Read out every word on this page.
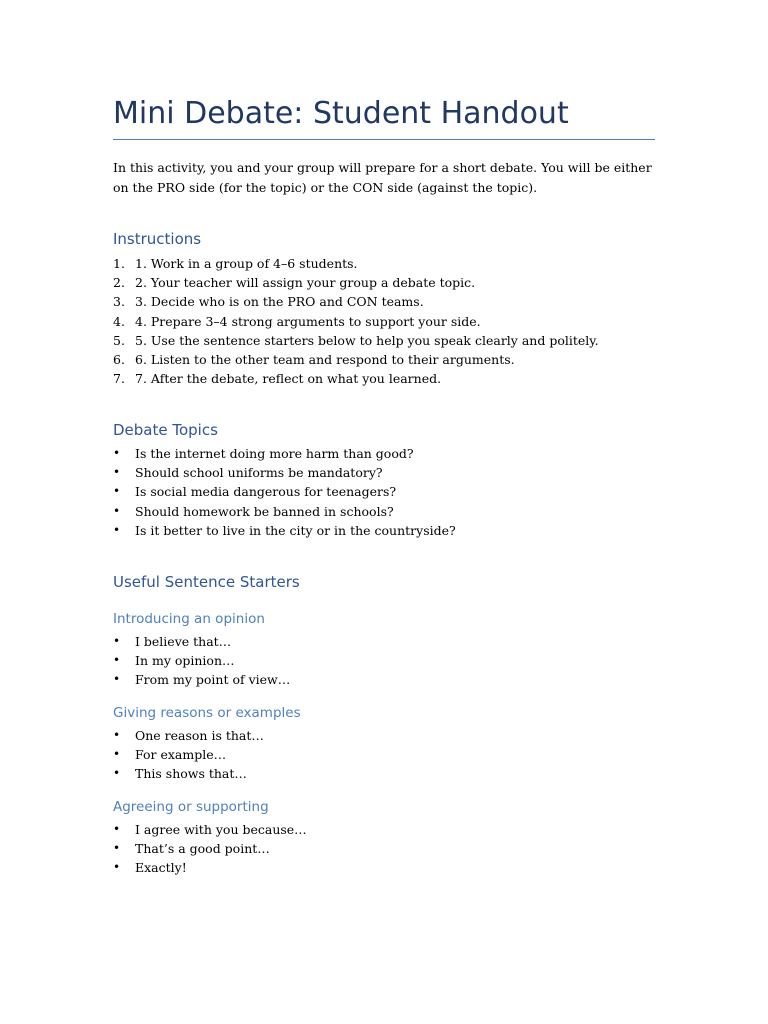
Mini Debate: Student Handout
In this activity, you and your group will prepare for a short debate. You will be either on the PRO side (for the topic) or the CON side (against the topic).
Instructions
1. 1. Work in a group of 4–6 students.
2. 2. Your teacher will assign your group a debate topic.
3. 3. Decide who is on the PRO and CON teams.
4. 4. Prepare 3–4 strong arguments to support your side.
5. 5. Use the sentence starters below to help you speak clearly and politely.
6. 6. Listen to the other team and respond to their arguments.
7. 7. After the debate, reflect on what you learned.
Debate Topics
• Is the internet doing more harm than good?
• Should school uniforms be mandatory?
• Is social media dangerous for teenagers?
• Should homework be banned in schools?
• Is it better to live in the city or in the countryside?
Useful Sentence Starters
Introducing an opinion
• I believe that…
• In my opinion…
• From my point of view…
Giving reasons or examples
• One reason is that…
• For example…
• This shows that…
Agreeing or supporting
• I agree with you because…
• That’s a good point…
• Exactly!
